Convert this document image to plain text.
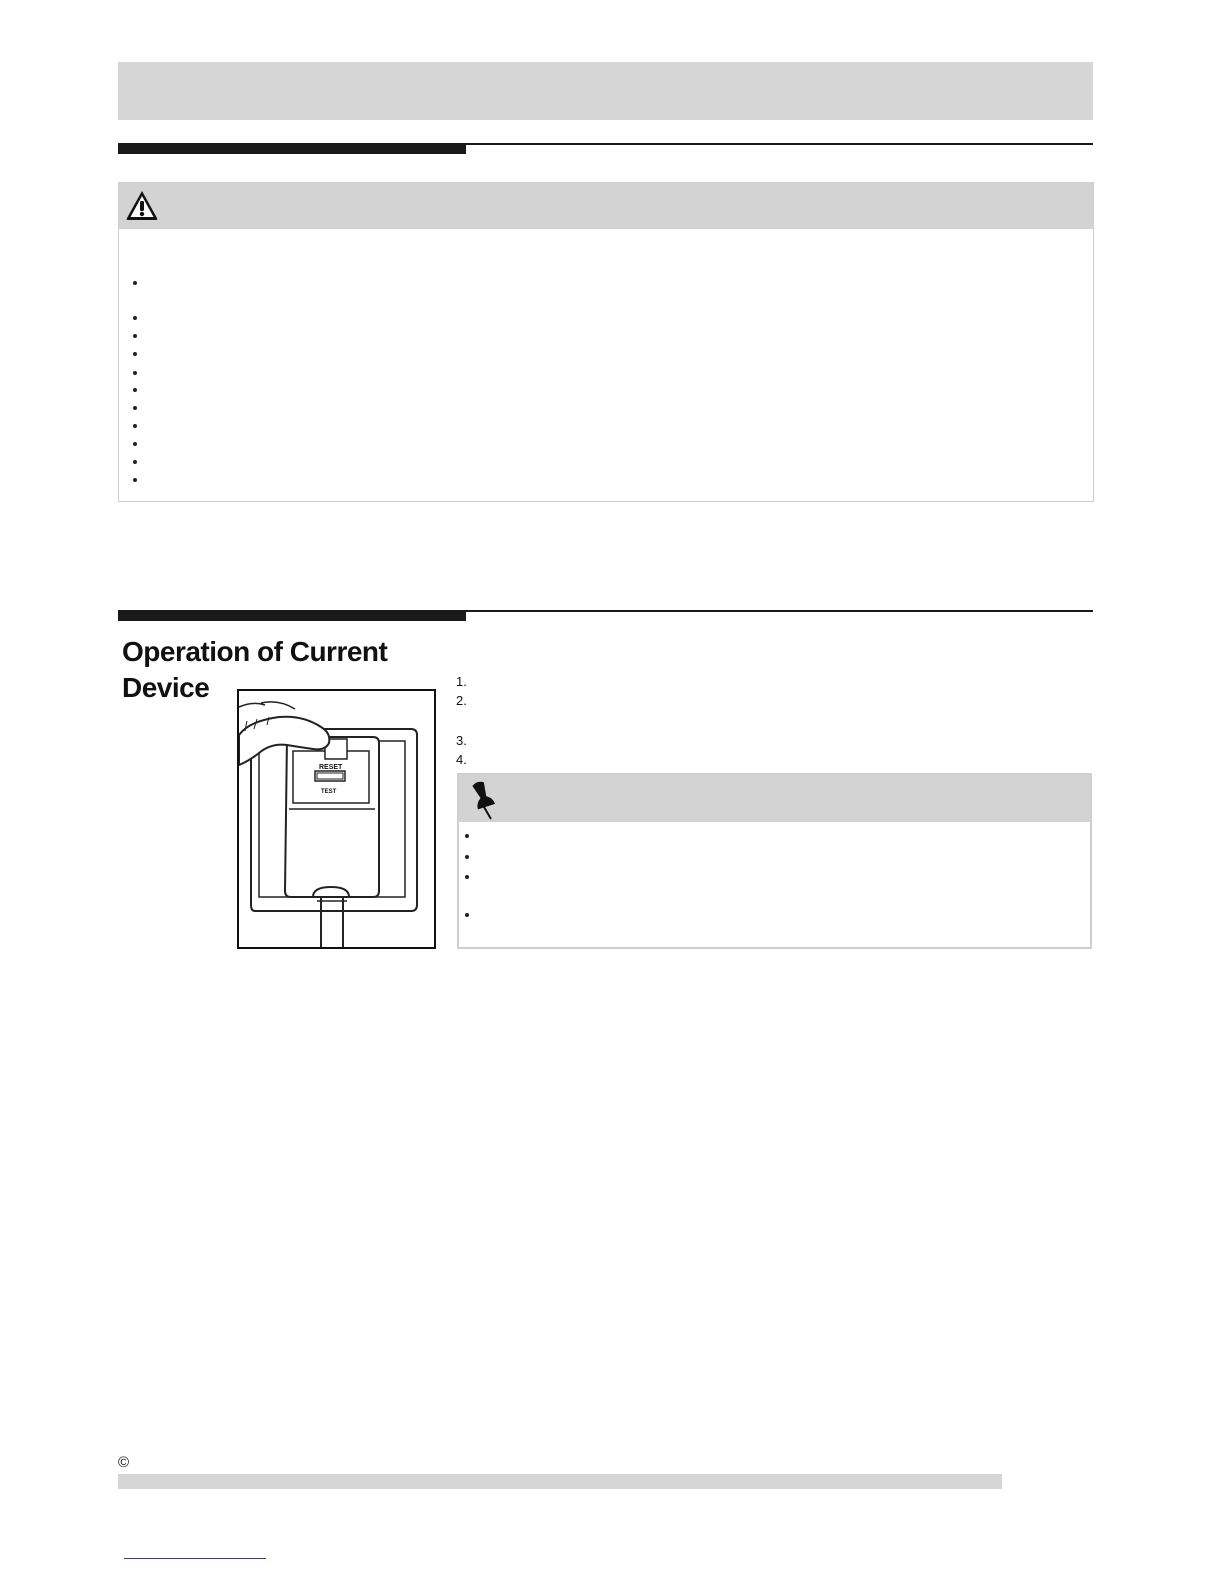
Operation of Current
Device
RESET
TEST
1.
2.
3.
4.
©
